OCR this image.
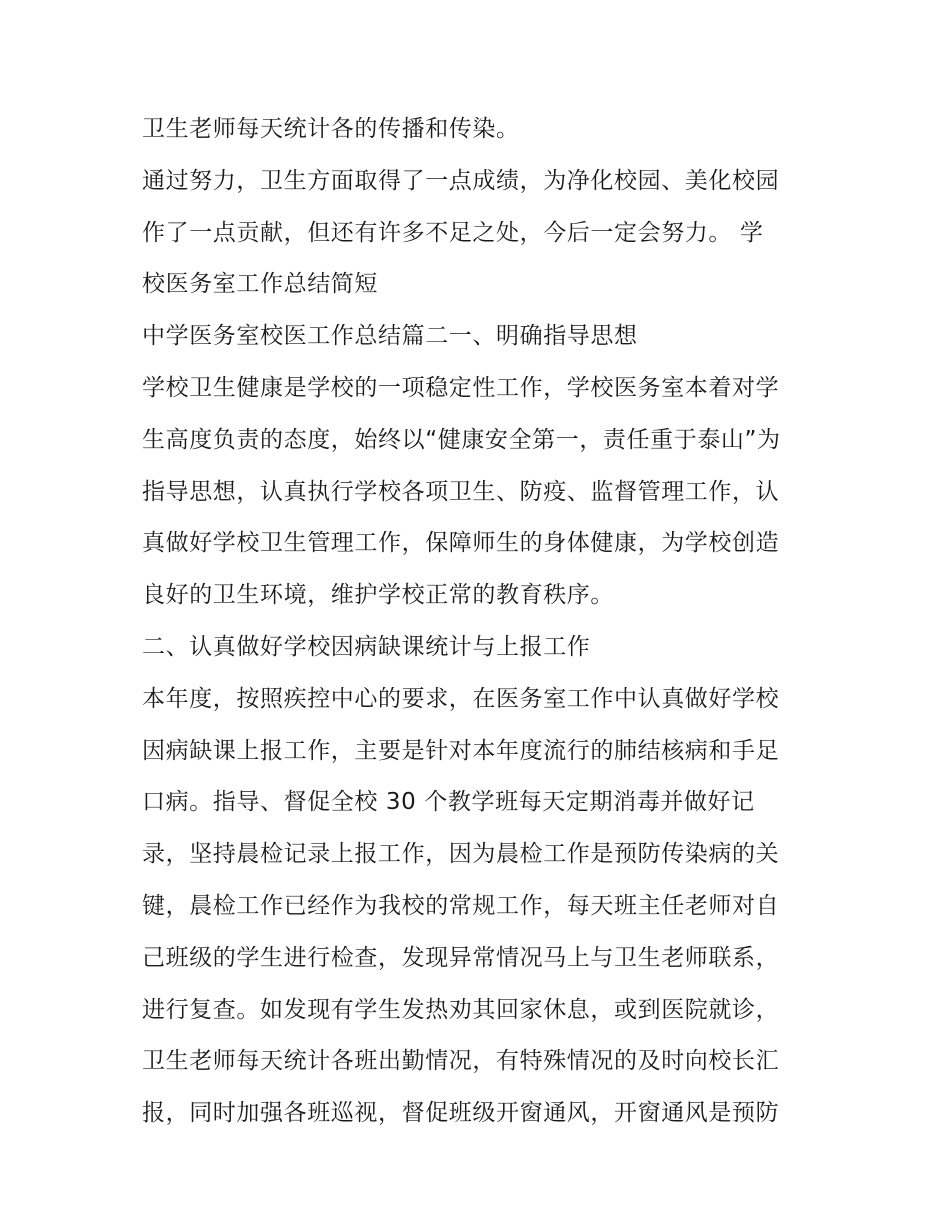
卫生老师每天统计各的传播和传染。

通过努力，卫生方面取得了一点成绩，为净化校园、美化校园

作了一点贡献，但还有许多不足之处，今后一定会努力。 学

校医务室工作总结简短

中学医务室校医工作总结篇二一、明确指导思想

学校卫生健康是学校的一项稳定性工作，学校医务室本着对学

生高度负责的态度，始终以“健康安全第一，责任重于泰山”为

指导思想，认真执行学校各项卫生、防疫、监督管理工作，认

真做好学校卫生管理工作，保障师生的身体健康，为学校创造

良好的卫生环境，维护学校正常的教育秩序。

二、认真做好学校因病缺课统计与上报工作

本年度，按照疾控中心的要求，在医务室工作中认真做好学校

因病缺课上报工作，主要是针对本年度流行的肺结核病和手足

口病。指导、督促全校 30 个教学班每天定期消毒并做好记

录，坚持晨检记录上报工作，因为晨检工作是预防传染病的关

键，晨检工作已经作为我校的常规工作，每天班主任老师对自

己班级的学生进行检查，发现异常情况马上与卫生老师联系，

进行复查。如发现有学生发热劝其回家休息，或到医院就诊，

卫生老师每天统计各班出勤情况，有特殊情况的及时向校长汇

报，同时加强各班巡视，督促班级开窗通风，开窗通风是预防
